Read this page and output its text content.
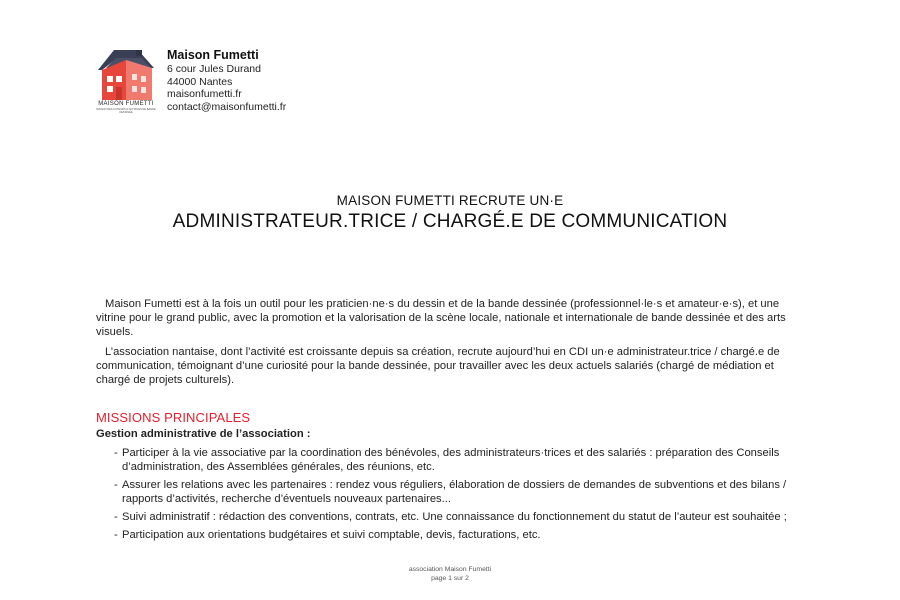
MAISON FUMETTI
MAISON DES AUTEURS & AUTRICES DE BANDE DESSINÉE
Maison Fumetti
6 cour Jules Durand
44000 Nantes
maisonfumetti.fr
contact@maisonfumetti.fr
MAISON FUMETTI RECRUTE UN·E
ADMINISTRATEUR.TRICE / CHARGÉ.E DE COMMUNICATION

Maison Fumetti est à la fois un outil pour les praticien·ne·s du dessin et de la bande dessinée (professionnel·le·s et amateur·e·s), et une vitrine pour le grand public, avec la promotion et la valorisation de la scène locale, nationale et internationale de bande dessinée et des arts visuels.

L’association nantaise, dont l’activité est croissante depuis sa création, recrute aujourd’hui en CDI un·e administrateur.trice / chargé.e de communication, témoignant d’une curiosité pour la bande dessinée, pour travailler avec les deux actuels salariés (chargé de médiation et chargé de projets culturels).

MISSIONS PRINCIPALES
Gestion administrative de l’association :
- Participer à la vie associative par la coordination des bénévoles, des administrateurs·trices et des salariés : préparation des Conseils d’administration, des Assemblées générales, des réunions, etc.
- Assurer les relations avec les partenaires : rendez vous réguliers, élaboration de dossiers de demandes de subventions et des bilans / rapports d’activités, recherche d’éventuels nouveaux partenaires...
- Suivi administratif : rédaction des conventions, contrats, etc. Une connaissance du fonctionnement du statut de l’auteur est souhaitée ;
- Participation aux orientations budgétaires et suivi comptable, devis, facturations, etc.
association Maison Fumetti
page 1 sur 2
